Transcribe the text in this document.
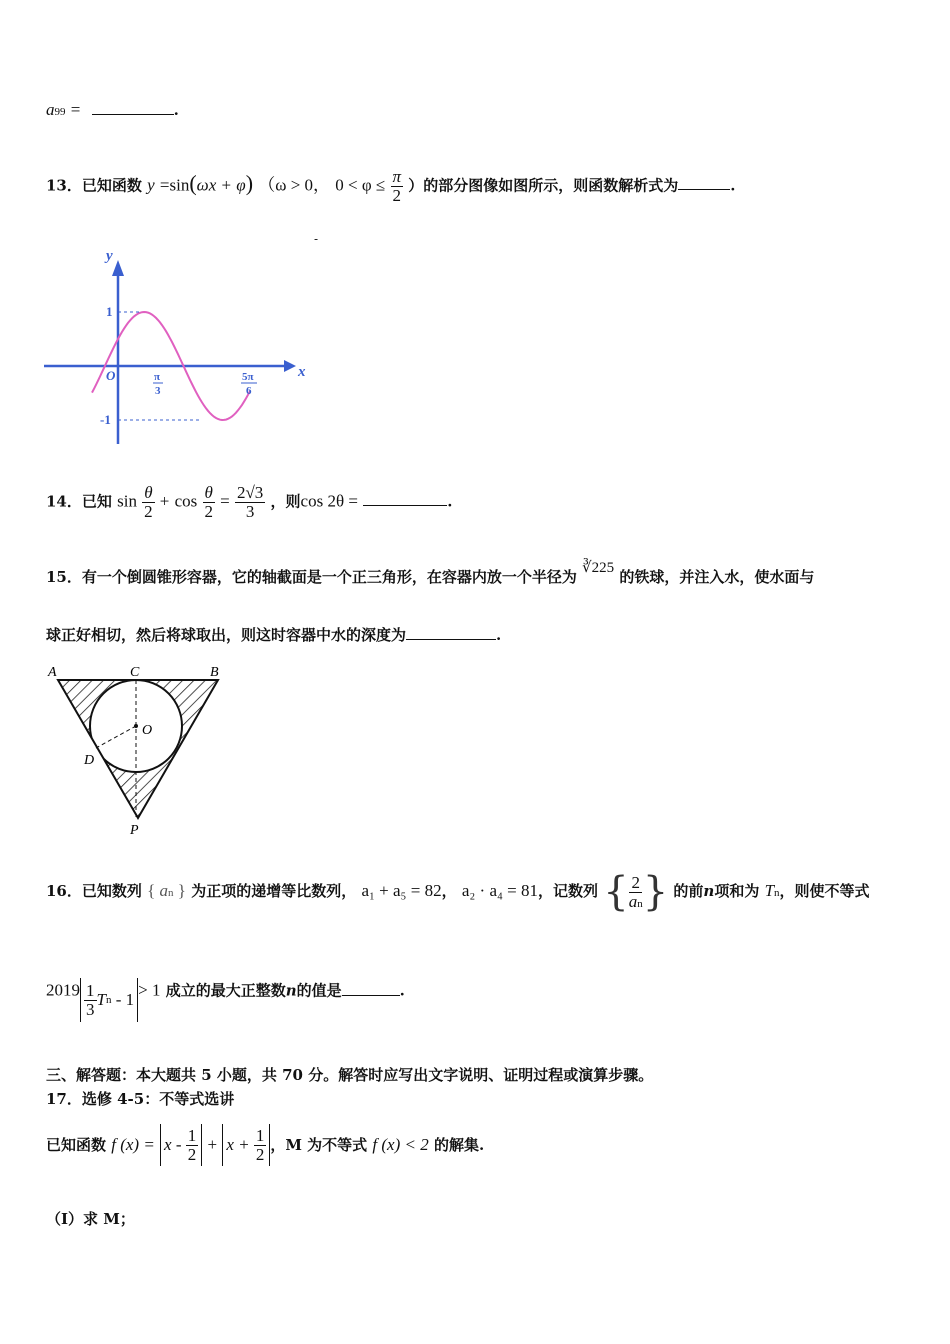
a99 =	.
13．已知函数 y =sin(ωx + φ) （ω > 0， $0 < \varphi \le \frac{\pi}{2}$ ）的部分图像如图所示，则函数解析式为	.
-
y
x
O
1
-1
π
3
5π
6
14．已知 $\sin \frac{\theta}{2} + \cos \frac{\theta}{2} = \frac{2√3}{3}$ ，则cos 2θ =	.
15．有一个倒圆锥形容器，它的轴截面是一个正三角形，在容器内放一个半径为 ∛225 的铁球，并注入水，使水面与
球正好相切，然后将球取出，则这时容器中水的深度为	.
A	C	B
O
D
P
16．已知数列 { an } 为正项的递增等比数列， a₁ + a₅ = 82， a₂ · a₄ = 81，记数列 { $\frac{2}{an}$ } 的前n项和为 Tn，则使不等式
$2019 \frac{1}{3}$ T n
- 1 > 1 成立的最大正整数n的值是	.
三、解答题：本大题共 5 小题，共 70 分。解答时应写出文字说明、证明过程或演算步骤。
17．选修 4-5：不等式选讲
已知函数 f (x) = x -
$\frac{1}{2} + x$ +
$\frac{1}{2}$ ，M 为不等式 f (x) < 2 的解集.
（Ⅰ）求 M；
